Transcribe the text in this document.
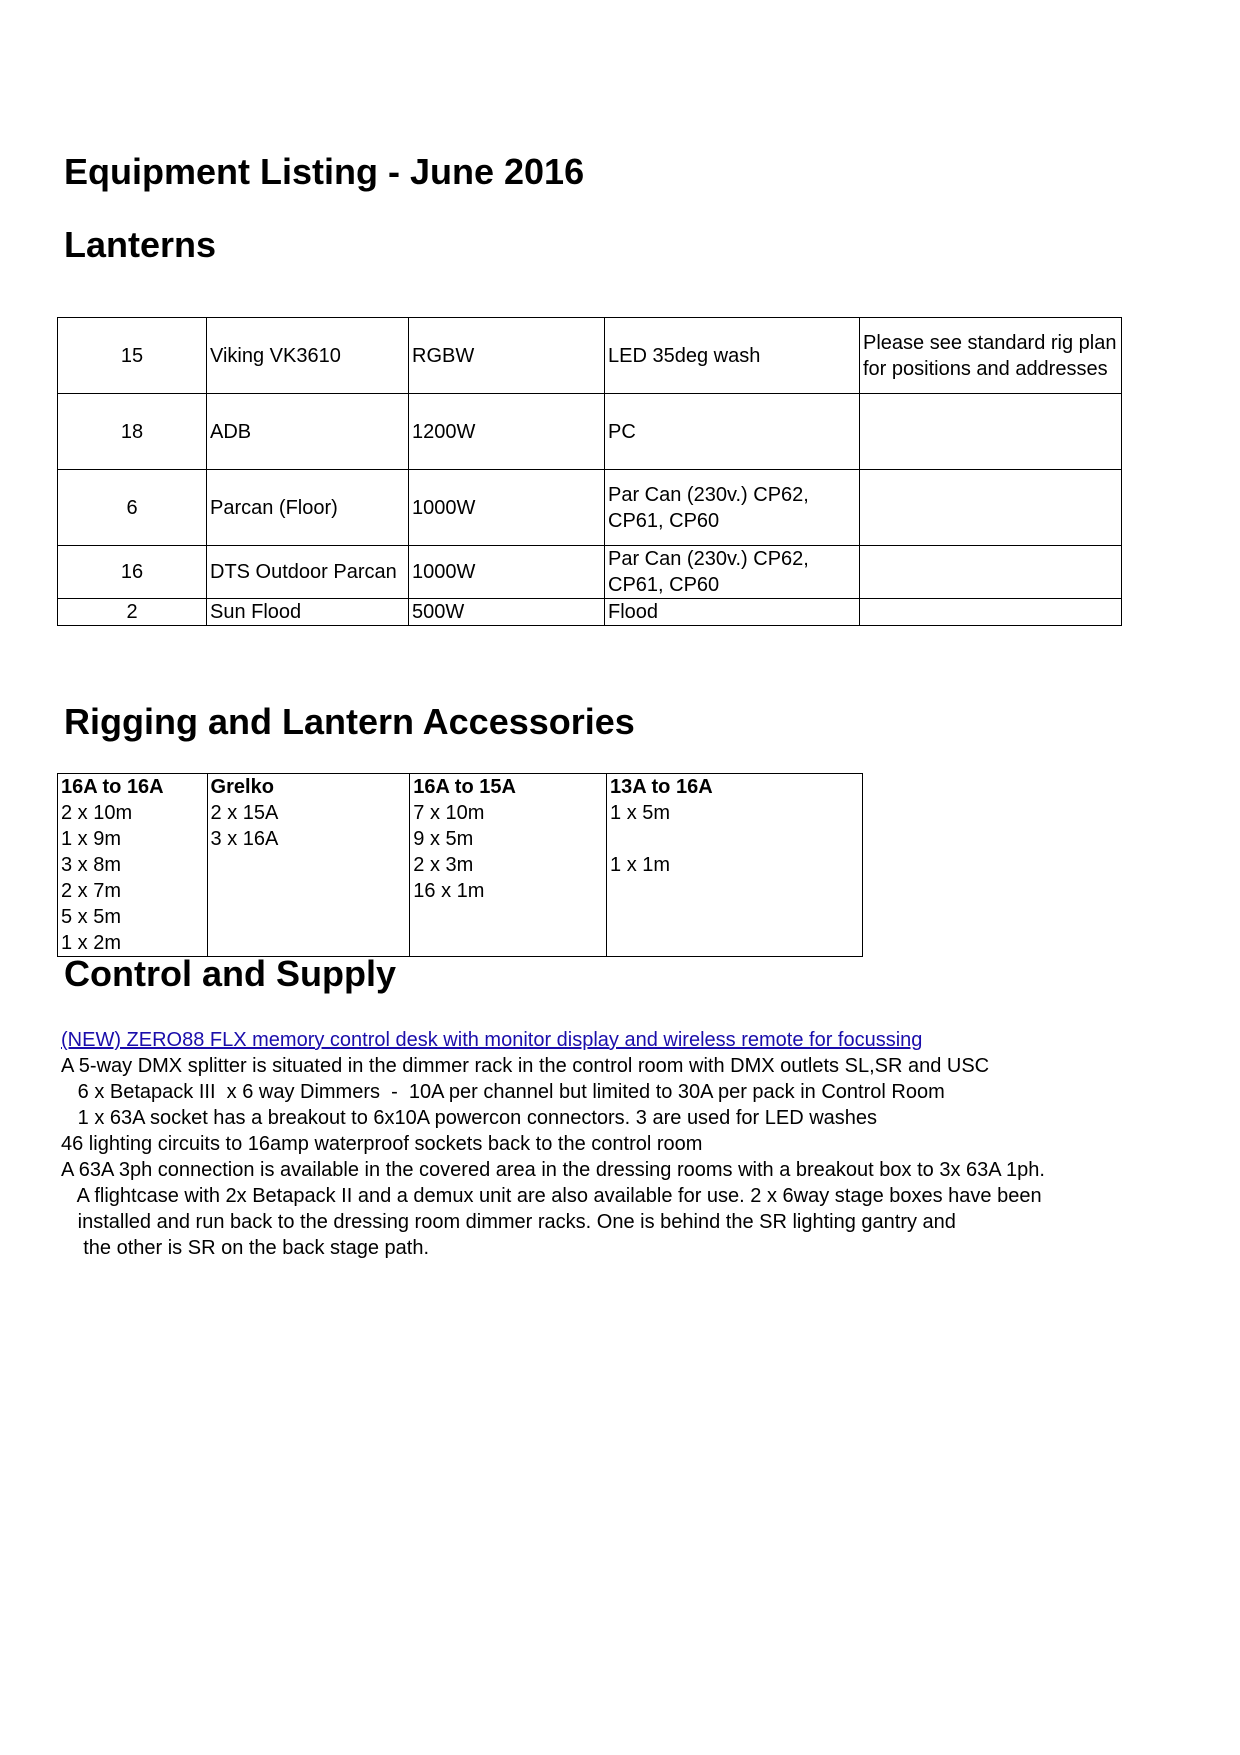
Equipment Listing - June 2016
Lanterns
15	Viking VK3610	RGBW	LED 35deg wash	Please see standard rig plan for positions and addresses
18	ADB	1200W	PC	
6	Parcan (Floor)	1000W	Par Can (230v.) CP62, CP61, CP60	
16	DTS Outdoor Parcan	1000W	Par Can (230v.) CP62, CP61, CP60	
2	Sun Flood	500W	Flood	
Rigging and Lantern Accessories
16A to 16A	Grelko	16A to 15A	13A to 16A
2 x 10m	2 x 15A	7 x 10m	1 x 5m
1 x 9m	3 x 16A	9 x 5m	
3 x 8m		2 x 3m	1 x 1m
2 x 7m		16 x 1m	
5 x 5m			
1 x 2m			
Control and Supply

(NEW) ZERO88 FLX memory control desk with monitor display and wireless remote for focussing

A 5-way DMX splitter is situated in the dimmer rack in the control room with DMX outlets SL,SR and USC

6 x Betapack III  x 6 way Dimmers  -  10A per channel but limited to 30A per pack in Control Room

1 x 63A socket has a breakout to 6x10A powercon connectors. 3 are used for LED washes

46 lighting circuits to 16amp waterproof sockets back to the control room

A 63A 3ph connection is available in the covered area in the dressing rooms with a breakout box to 3x 63A 1ph.

A flightcase with 2x Betapack II and a demux unit are also available for use. 2 x 6way stage boxes have been

installed and run back to the dressing room dimmer racks. One is behind the SR lighting gantry and

the other is SR on the back stage path.
